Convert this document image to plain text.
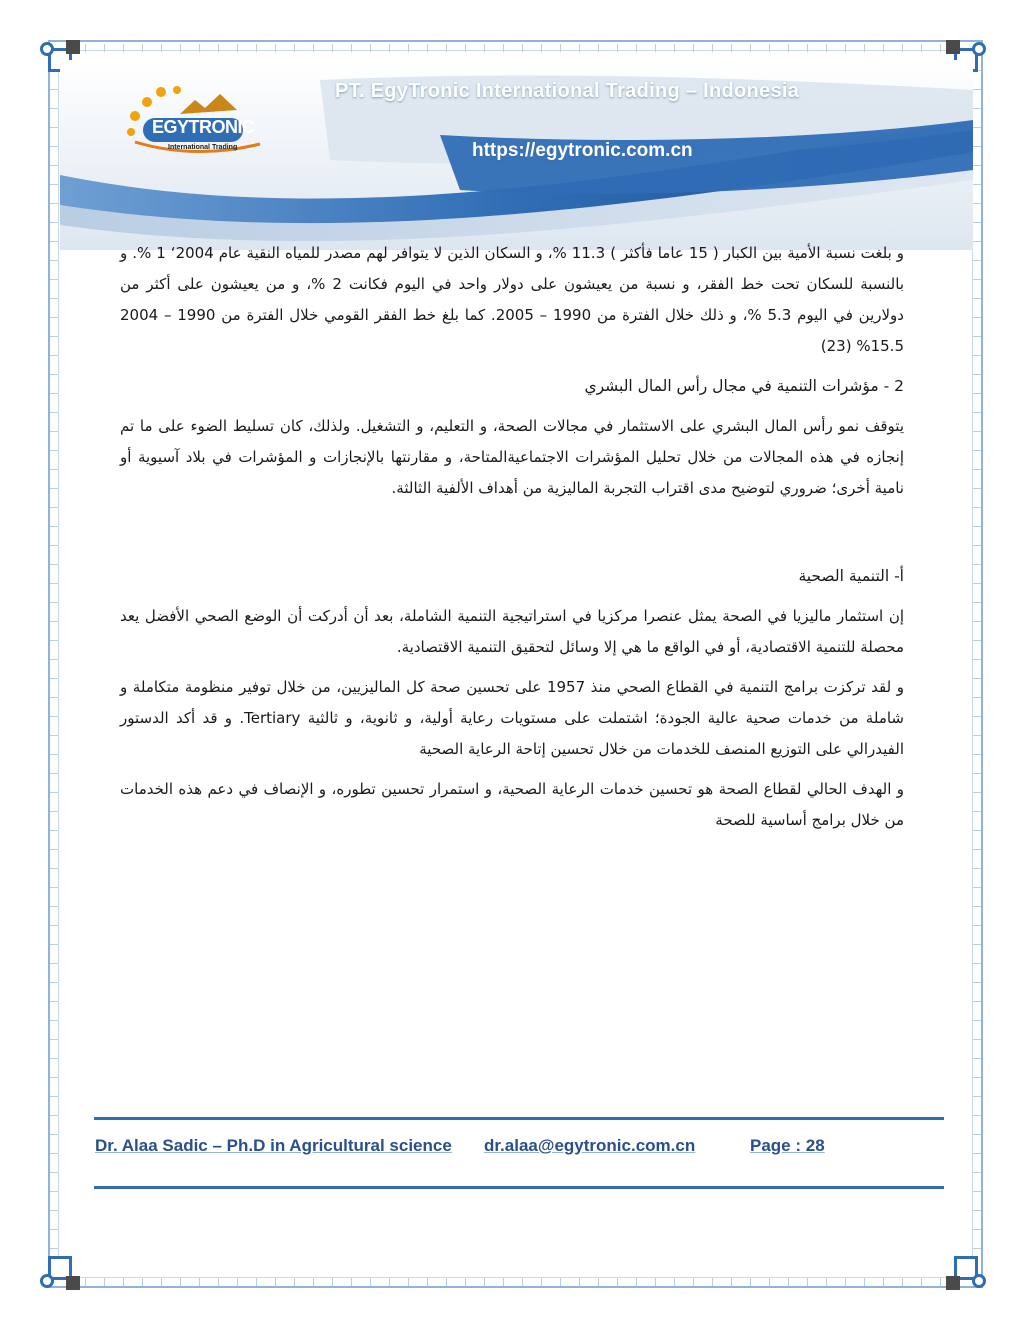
EGYTRONIC
International Trading
PT. EgyTronic International Trading – Indonesia
https://egytronic.com.cn

و بلغت نسبة الأمية بين الكبار ( 15 عاما فأكثر ) 11.3 %، و السكان الذين لا يتوافر لهم مصدر للمياه النقية عام 2004‘ 1 %. و بالنسبة للسكان تحت خط الفقر، و نسبة من يعيشون على دولار واحد في اليوم فكانت 2 %، و من يعيشون على أكثر من دولارين في اليوم 5.3 %، و ذلك خلال الفترة من 1990 – 2005. كما بلغ خط الفقر القومي خلال الفترة من 1990 – 2004 15.5% (23)

2 - مؤشرات التنمية في مجال رأس المال البشري

يتوقف نمو رأس المال البشري على الاستثمار في مجالات الصحة، و التعليم، و التشغيل. ولذلك، كان تسليط الضوء على ما تم إنجازه في هذه المجالات من خلال تحليل المؤشرات الاجتماعيةالمتاحة، و مقارنتها بالإنجازات و المؤشرات في بلاد آسيوية أو نامية أخرى؛ ضروري لتوضيح مدى اقتراب التجربة الماليزية من أهداف الألفية الثالثة.

أ- التنمية الصحية

إن استثمار ماليزيا في الصحة يمثل عنصرا مركزيا في استراتيجية التنمية الشاملة، بعد أن أدركت أن الوضع الصحي الأفضل يعد محصلة للتنمية الاقتصادية، أو في الواقع ما هي إلا وسائل لتحقيق التنمية الاقتصادية.

و لقد تركزت برامج التنمية في القطاع الصحي منذ 1957 على تحسين صحة كل الماليزيين، من خلال توفير منظومة متكاملة و شاملة من خدمات صحية عالية الجودة؛ اشتملت على مستويات رعاية أولية، و ثانوية، و ثالثية Tertiary. و قد أكد الدستور الفيدرالي على التوزيع المنصف للخدمات من خلال تحسين إتاحة الرعاية الصحية

و الهدف الحالي لقطاع الصحة هو تحسين خدمات الرعاية الصحية، و استمرار تحسين تطوره، و الإنصاف في دعم هذه الخدمات من خلال برامج أساسية للصحة

Dr. Alaa Sadic – Ph.D in Agricultural science dr.alaa@egytronic.com.cn	Page : 28
